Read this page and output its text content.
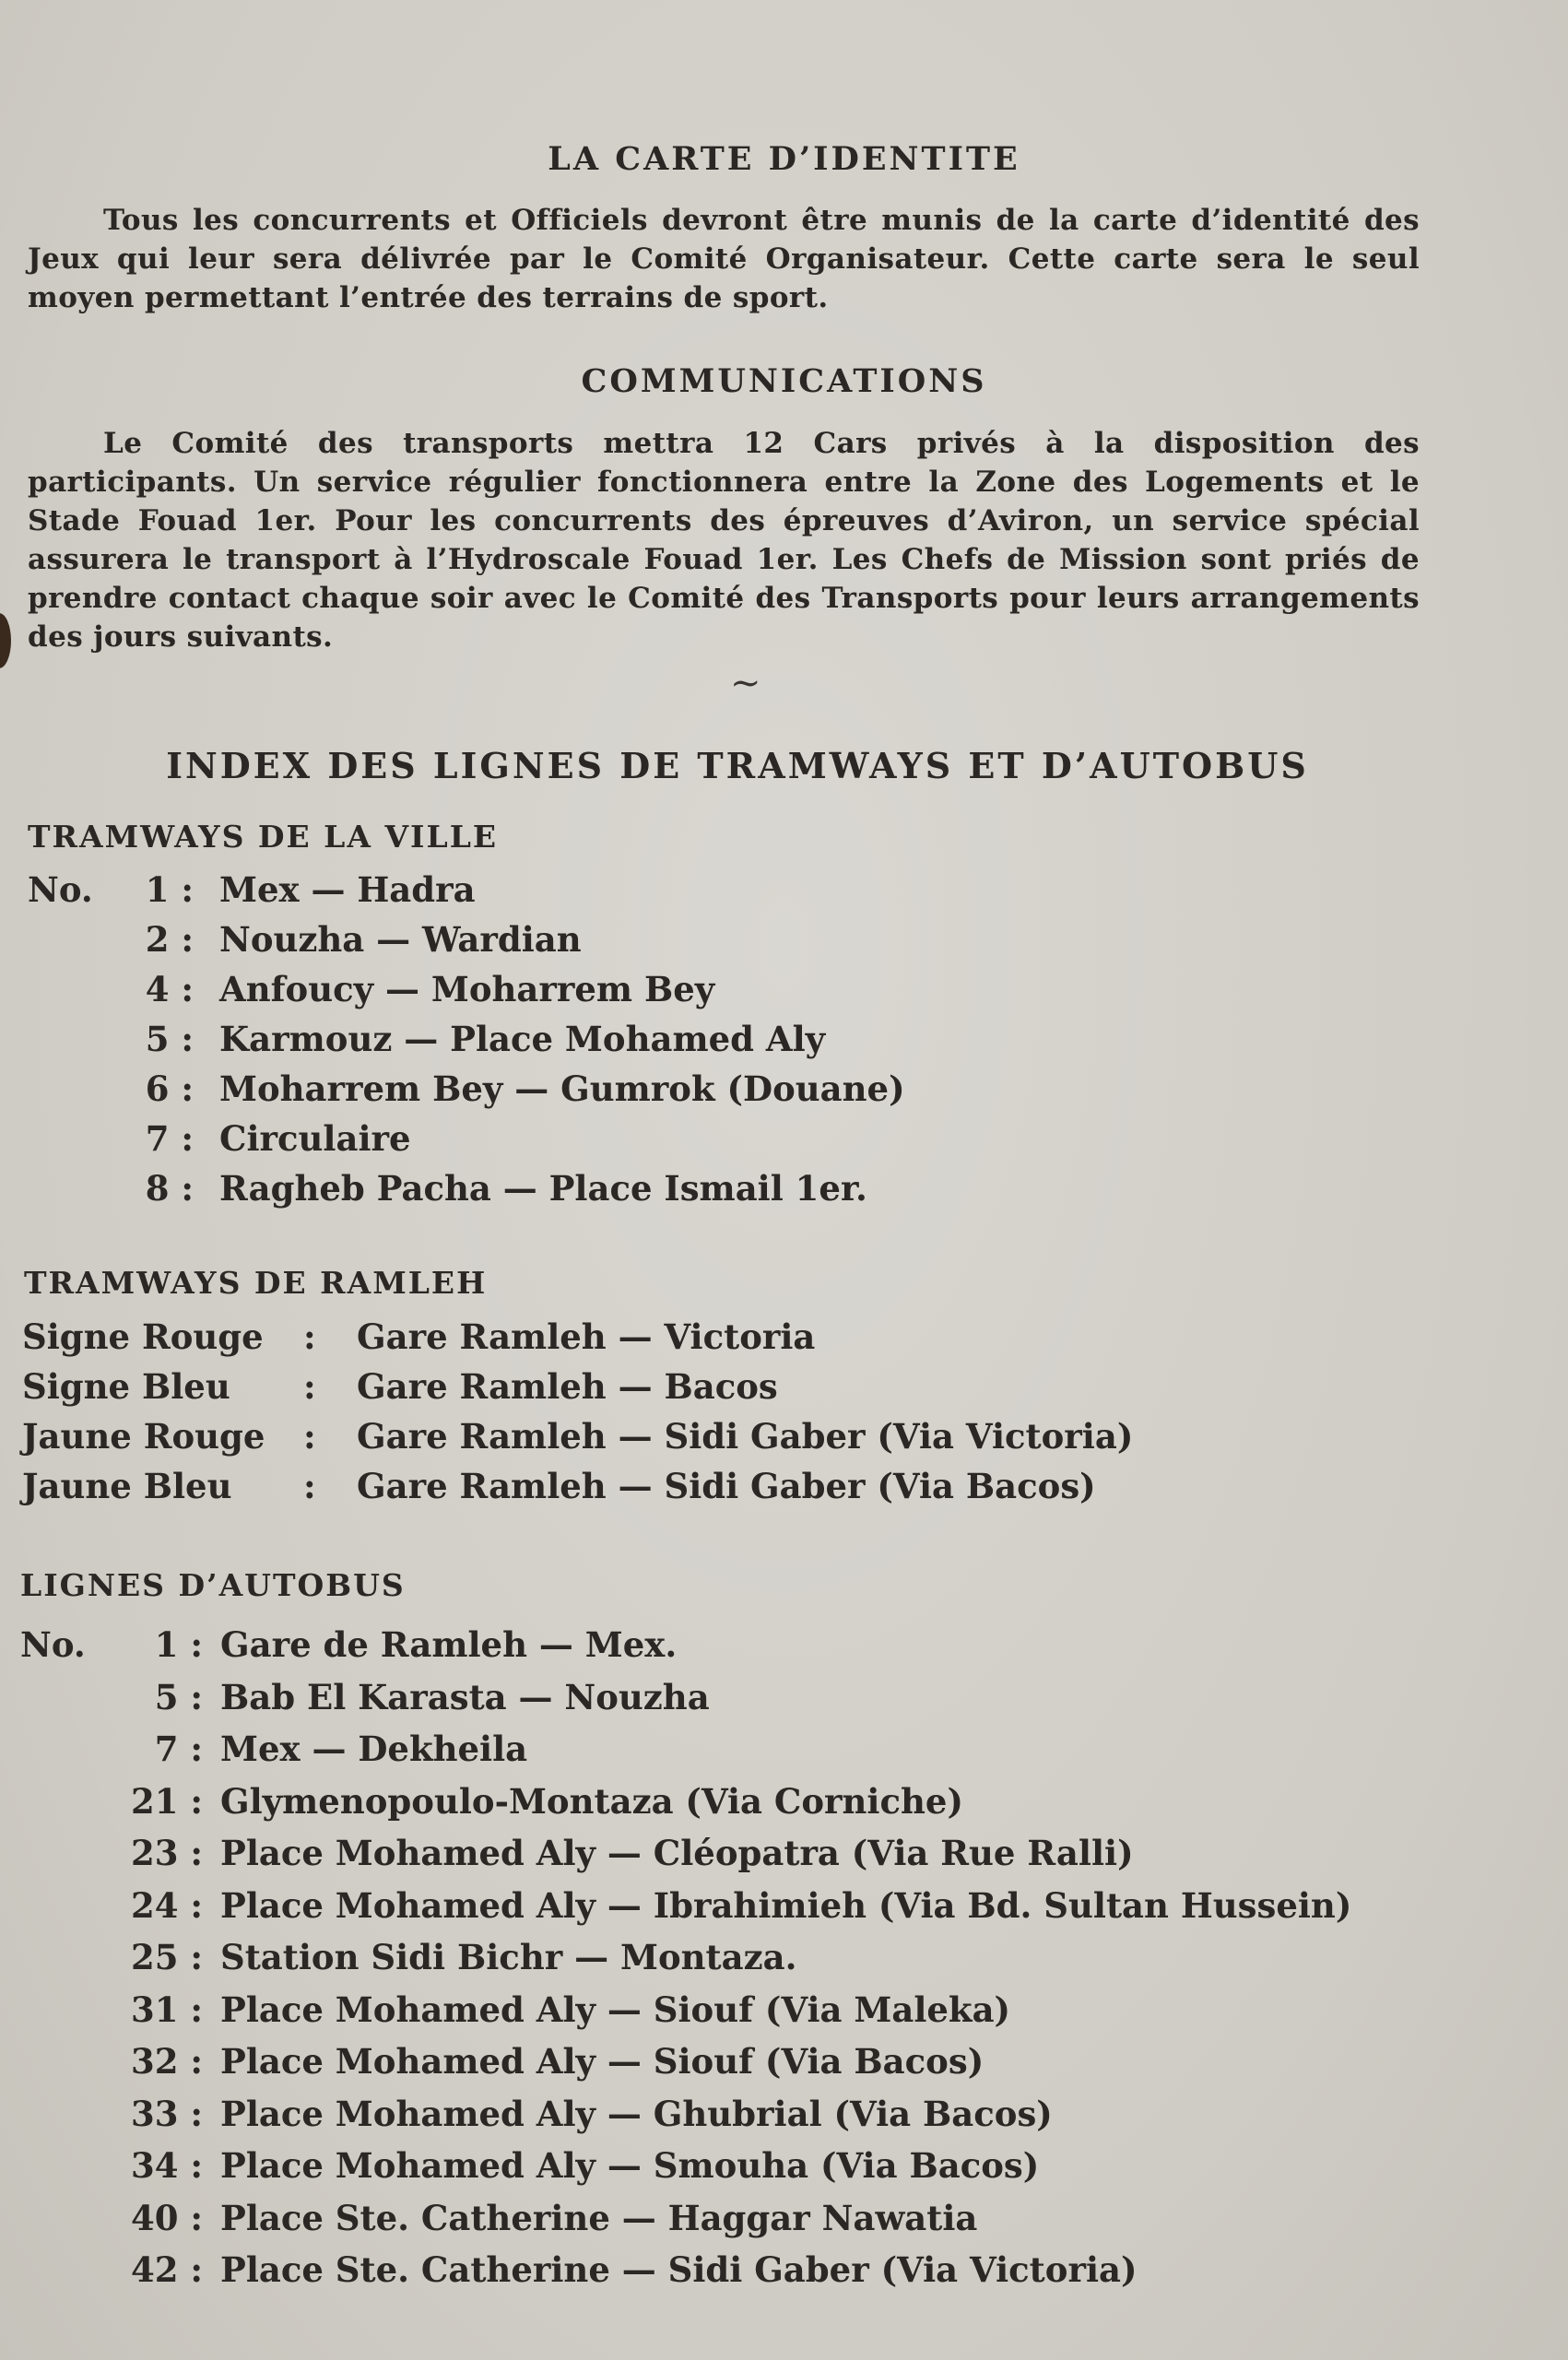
LA CARTE D’IDENTITE
Tous les concurrents et Officiels devront être munis de la carte d’identité des Jeux qui leur sera délivrée par le Comité Organisateur. Cette carte sera le seul moyen permettant l’entrée des terrains de sport.
COMMUNICATIONS
Le Comité des transports mettra 12 Cars privés à la disposition des participants. Un service régulier fonctionnera entre la Zone des Logements et le Stade Fouad 1er. Pour les concurrents des épreuves d’Aviron, un service spécial assurera le transport à l’Hydroscale Fouad 1er. Les Chefs de Mission sont priés de prendre contact chaque soir avec le Comité des Transports pour leurs arrangements des jours suivants.
~
INDEX DES LIGNES DE TRAMWAYS ET D’AUTOBUS
TRAMWAYS DE LA VILLE
No.	1 : Mex — Hadra
2 : Nouzha — Wardian
4 : Anfoucy — Moharrem Bey
5 : Karmouz — Place Mohamed Aly
6 : Moharrem Bey — Gumrok (Douane)
7 : Circulaire
8 : Ragheb Pacha — Place Ismail 1er.
TRAMWAYS DE RAMLEH
Signe Rouge : Gare Ramleh — Victoria
Signe Bleu : Gare Ramleh — Bacos
Jaune Rouge : Gare Ramleh — Sidi Gaber (Via Victoria)
Jaune Bleu : Gare Ramleh — Sidi Gaber (Via Bacos)
LIGNES D’AUTOBUS
No.	1 : Gare de Ramleh — Mex.
5 : Bab El Karasta — Nouzha
7 : Mex — Dekheila
21 : Glymenopoulo-Montaza (Via Corniche)
23 : Place Mohamed Aly — Cléopatra (Via Rue Ralli)
24 : Place Mohamed Aly — Ibrahimieh (Via Bd. Sultan Hussein)
25 : Station Sidi Bichr — Montaza.
31 : Place Mohamed Aly — Siouf (Via Maleka)
32 : Place Mohamed Aly — Siouf (Via Bacos)
33 : Place Mohamed Aly — Ghubrial (Via Bacos)
34 : Place Mohamed Aly — Smouha (Via Bacos)
40 : Place Ste. Catherine — Haggar Nawatia
42 : Place Ste. Catherine — Sidi Gaber (Via Victoria)
